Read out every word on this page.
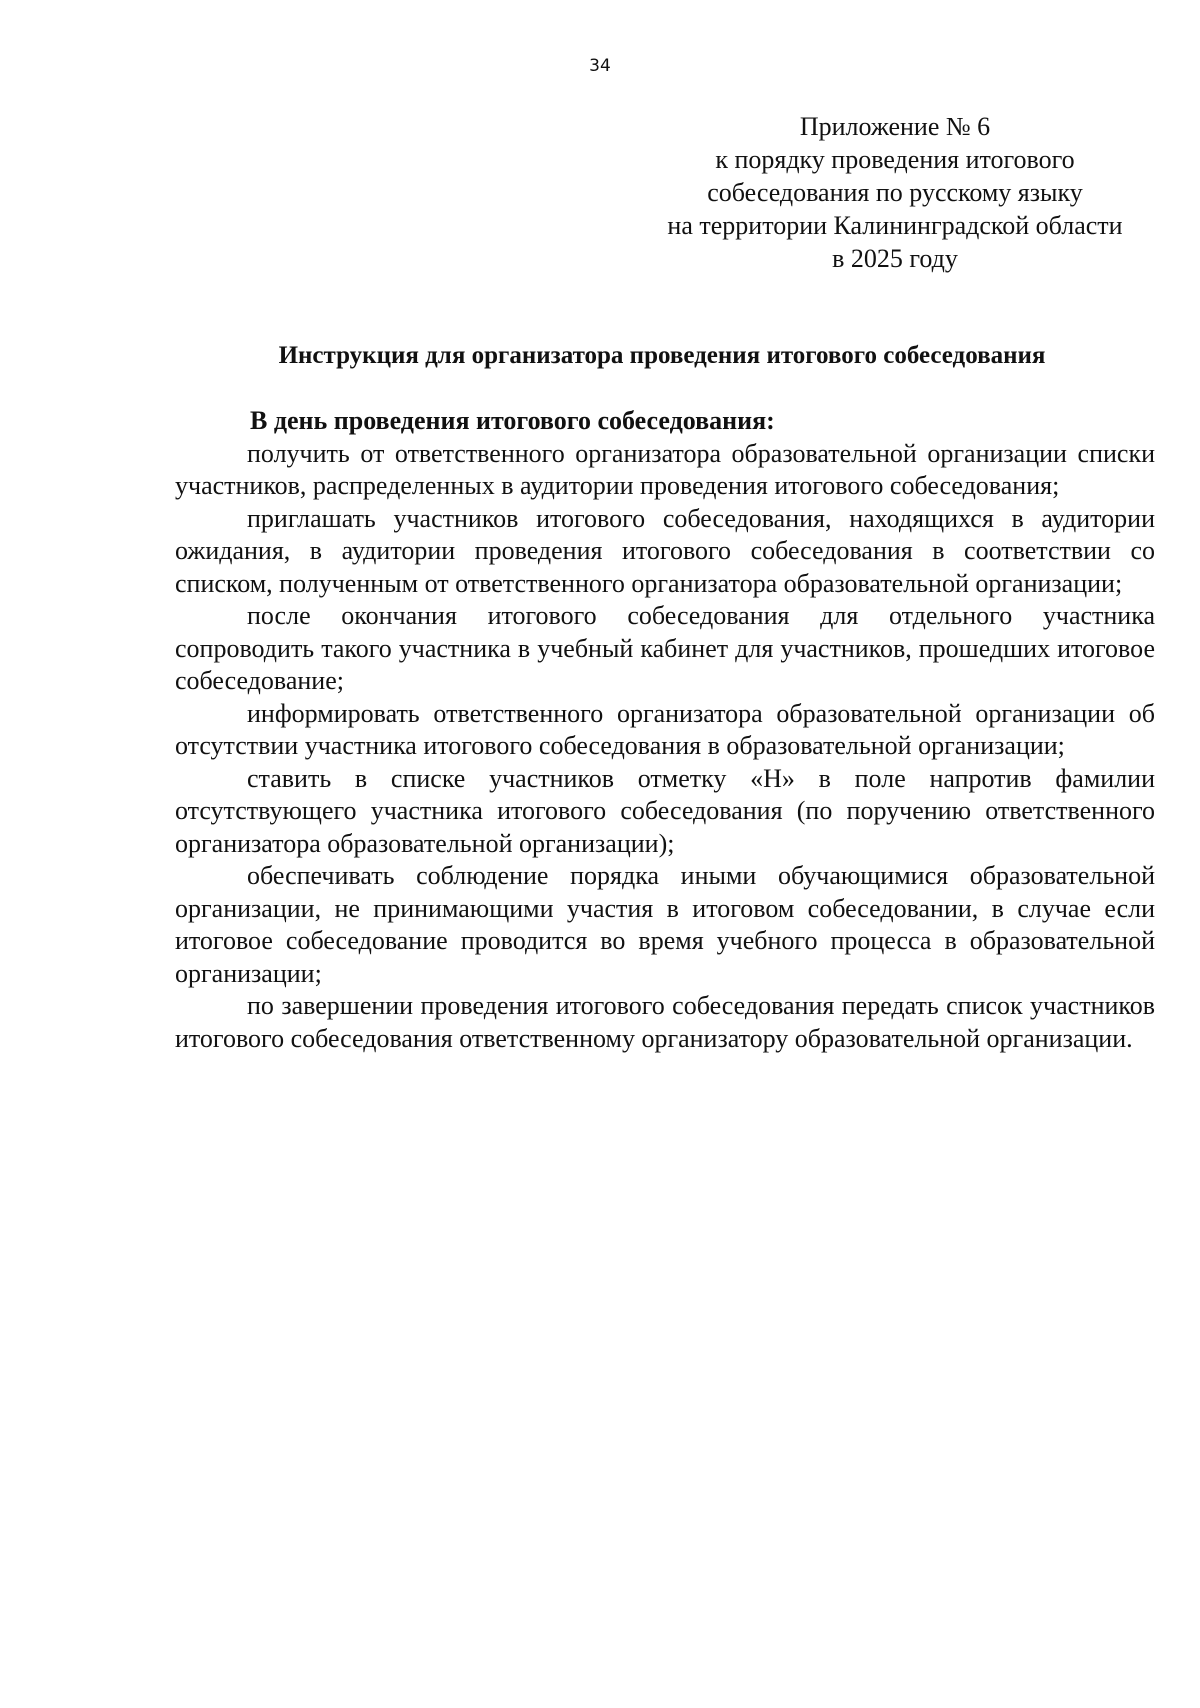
34
Приложение № 6
к порядку проведения итогового
собеседования по русскому языку
на территории Калининградской области
в 2025 году
Инструкция для организатора проведения итогового собеседования

В день проведения итогового собеседования:

получить от ответственного организатора образовательной организации списки участников, распределенных в аудитории проведения итогового собеседования;

приглашать участников итогового собеседования, находящихся в аудитории ожидания, в аудитории проведения итогового собеседования в соответствии со списком, полученным от ответственного организатора образовательной организации;

после окончания итогового собеседования для отдельного участника сопроводить такого участника в учебный кабинет для участников, прошедших итоговое собеседование;

информировать ответственного организатора образовательной организации об отсутствии участника итогового собеседования в образовательной организации;

ставить в списке участников отметку «Н» в поле напротив фамилии отсутствующего участника итогового собеседования (по поручению ответственного организатора образовательной организации);

обеспечивать соблюдение порядка иными обучающимися образовательной организации, не принимающими участия в итоговом собеседовании, в случае если итоговое собеседование проводится во время учебного процесса в образовательной организации;

по завершении проведения итогового собеседования передать список участников итогового собеседования ответственному организатору образовательной организации.
